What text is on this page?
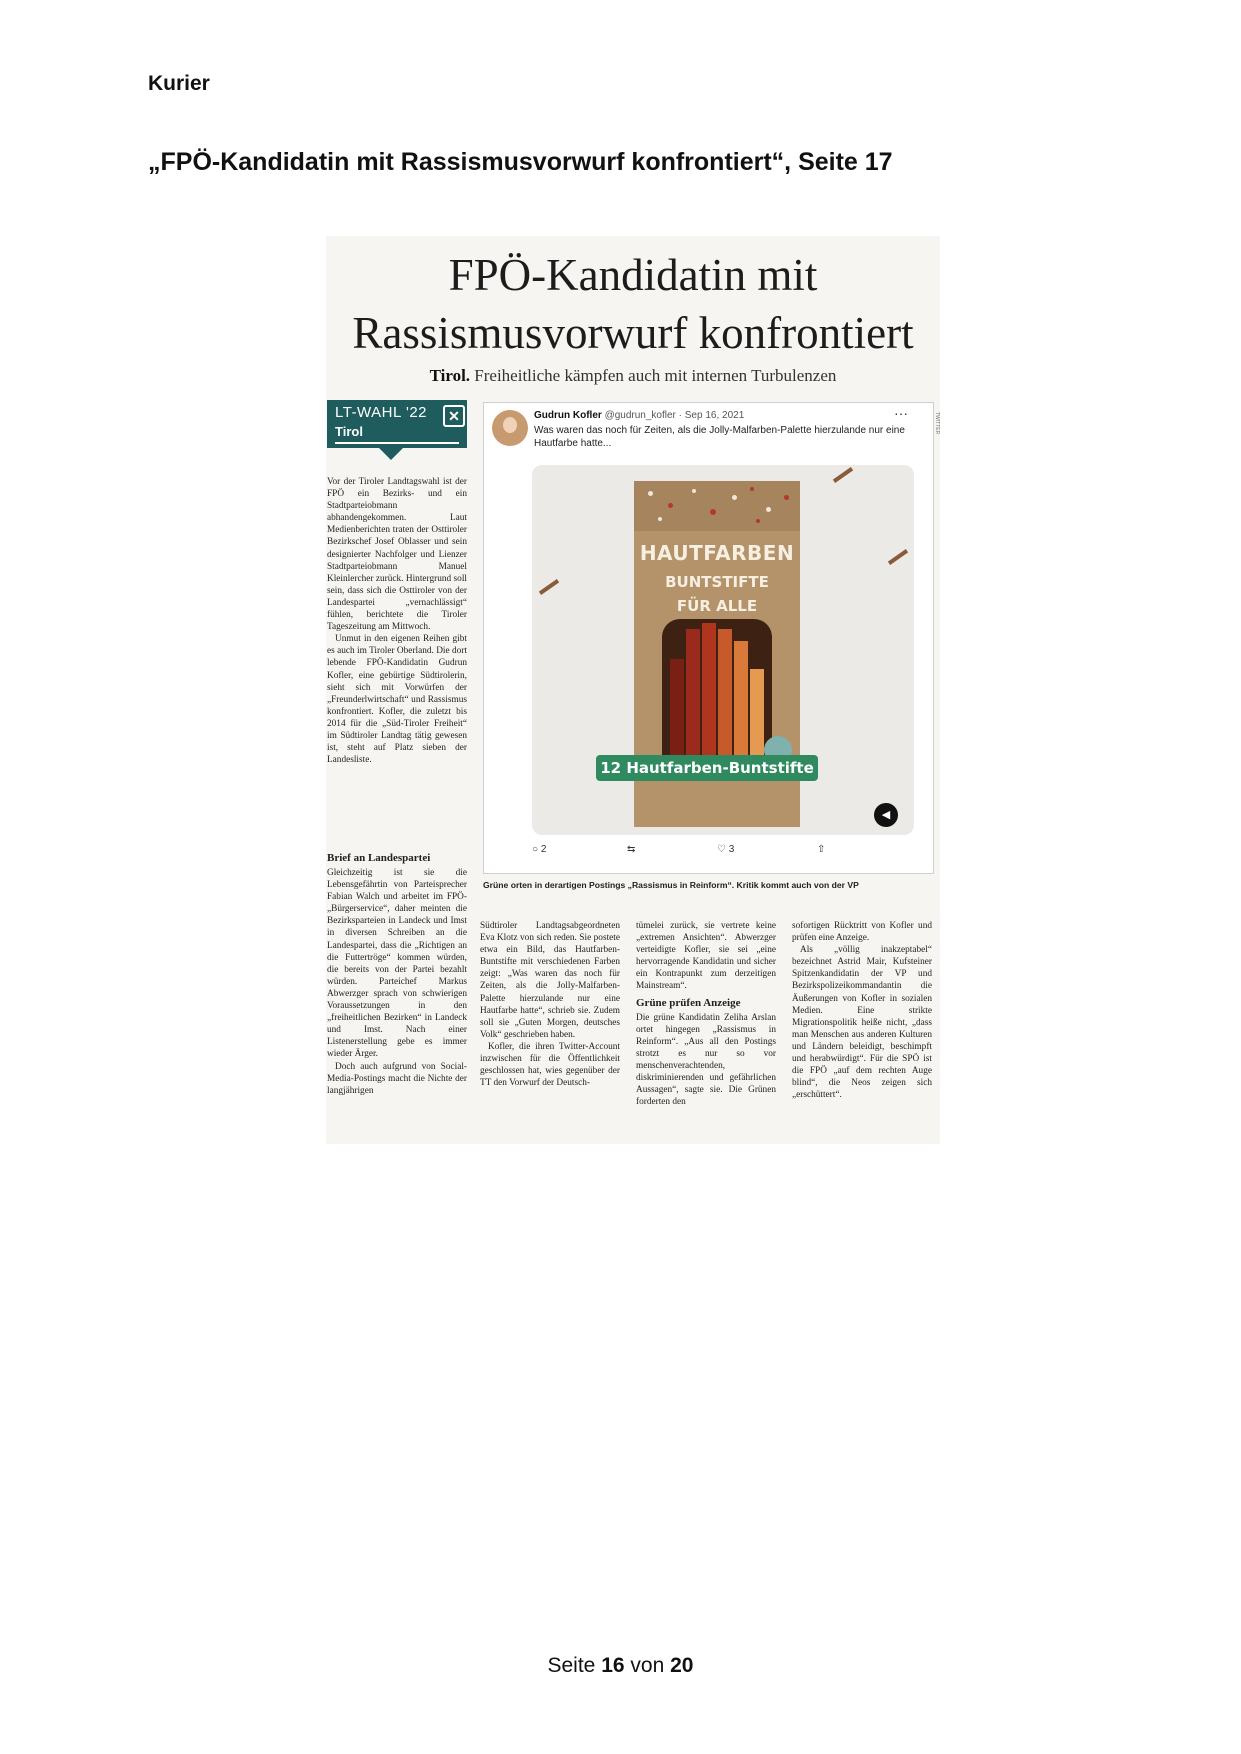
Kurier
„FPÖ-Kandidatin mit Rassismusvorwurf konfrontiert“, Seite 17
FPÖ-Kandidatin mit
Rassismusvorwurf konfrontiert
Tirol. Freiheitliche kämpfen auch mit internen Turbulenzen
LT-WAHL '22	✕
Tirol

Vor der Tiroler Landtagswahl ist der FPÖ ein Bezirks- und ein Stadtparteiobmann abhandengekommen. Laut Medienberichten traten der Osttiroler Bezirkschef Josef Oblasser und sein designierter Nachfolger und Lienzer Stadtparteiobmann Manuel Kleinlercher zurück. Hintergrund soll sein, dass sich die Osttiroler von der Landespartei „vernachlässigt“ fühlen, berichtete die Tiroler Tageszeitung am Mittwoch.

Unmut in den eigenen Reihen gibt es auch im Tiroler Oberland. Die dort lebende FPÖ-Kandidatin Gudrun Kofler, eine gebürtige Südtirolerin, sieht sich mit Vorwürfen der „Freunderlwirtschaft“ und Rassismus konfrontiert. Kofler, die zuletzt bis 2014 für die „Süd-Tiroler Freiheit“ im Südtiroler Landtag tätig gewesen ist, steht auf Platz sieben der Landesliste.

Brief an Landespartei

Gleichzeitig ist sie die Lebensgefährtin von Parteisprecher Fabian Walch und arbeitet im FPÖ-„Bürgerservice“, daher meinten die Bezirksparteien in Landeck und Imst in diversen Schreiben an die Landespartei, dass die „Richtigen an die Futtertröge“ kommen würden, die bereits von der Partei bezahlt würden. Parteichef Markus Abwerzger sprach von schwierigen Voraussetzungen in den „freiheitlichen Bezirken“ in Landeck und Imst. Nach einer Listenerstellung gebe es immer wieder Ärger.

Doch auch aufgrund von Social-Media-Postings macht die Nichte der langjährigen

Gudrun Kofler @gudrun_kofler · Sep 16, 2021	···
Was waren das noch für Zeiten, als die Jolly-Malfarben-Palette hierzulande nur eine Hautfarbe hatte...
HAUTFARBEN
BUNTSTIFTE
FÜR ALLE
12 Hautfarben-Buntstifte
◀
○ 2	⇆	♡ 3	⇧
TWITTER
Grüne orten in derartigen Postings „Rassismus in Reinform“. Kritik kommt auch von der VP

Südtiroler Landtagsabgeordneten Eva Klotz von sich reden. Sie postete etwa ein Bild, das Hautfarben-Buntstifte mit verschiedenen Farben zeigt: „Was waren das noch für Zeiten, als die Jolly-Malfarben-Palette hierzulande nur eine Hautfarbe hatte“, schrieb sie. Zudem soll sie „Guten Morgen, deutsches Volk“ geschrieben haben.

Kofler, die ihren Twitter-Account inzwischen für die Öffentlichkeit geschlossen hat, wies gegenüber der TT den Vorwurf der Deutsch-

tümelei zurück, sie vertrete keine „extremen Ansichten“. Abwerzger verteidigte Kofler, sie sei „eine hervorragende Kandidatin und sicher ein Kontrapunkt zum derzeitigen Mainstream“.

Grüne prüfen Anzeige

Die grüne Kandidatin Zeliha Arslan ortet hingegen „Rassismus in Reinform“. „Aus all den Postings strotzt es nur so vor menschenverachtenden, diskriminierenden und gefährlichen Aussagen“, sagte sie. Die Grünen forderten den

sofortigen Rücktritt von Kofler und prüfen eine Anzeige.

Als „völlig inakzeptabel“ bezeichnet Astrid Mair, Kufsteiner Spitzenkandidatin der VP und Bezirkspolizeikommandantin die Äußerungen von Kofler in sozialen Medien. Eine strikte Migrationspolitik heiße nicht, „dass man Menschen aus anderen Kulturen und Ländern beleidigt, beschimpft und herabwürdigt“. Für die SPÖ ist die FPÖ „auf dem rechten Auge blind“, die Neos zeigen sich „erschüttert“.

Seite 16 von 20
